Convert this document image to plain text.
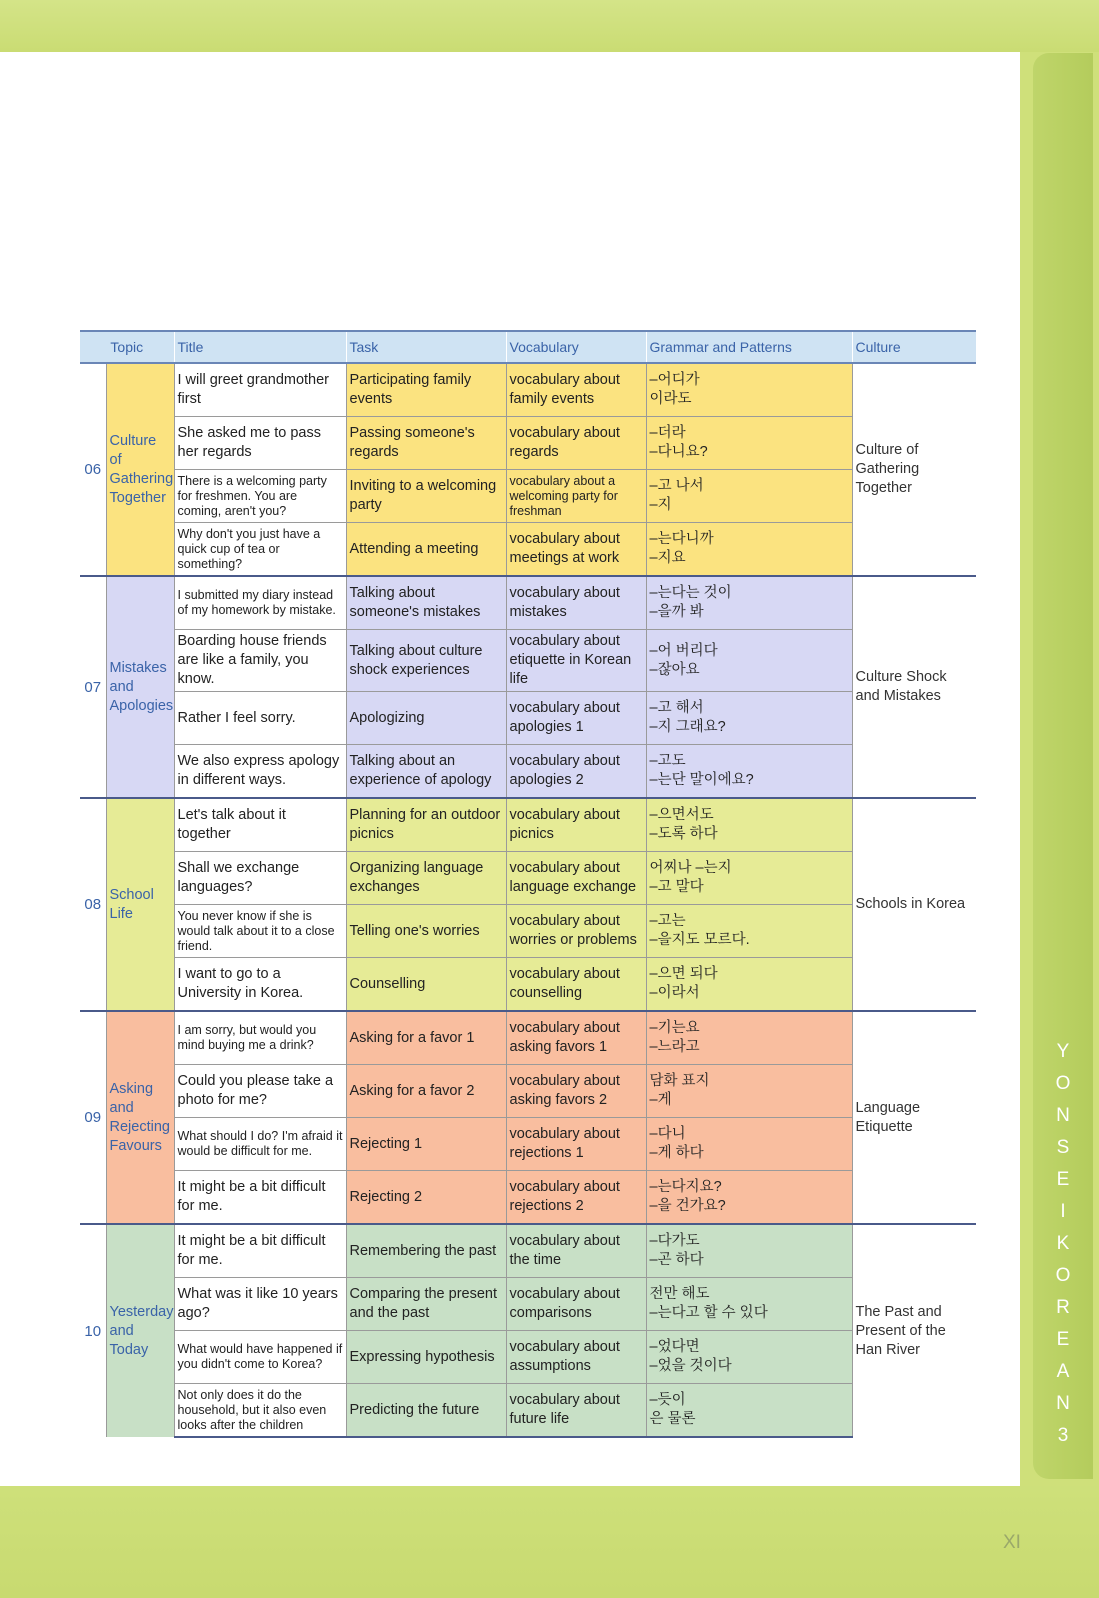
Y
O
N
S
E
I
K
O
R
E
A
N
3
XI
Topic		Title	Task	Vocabulary	Grammar and Patterns	Culture
06	Culture of Gathering Together	I will greet grandmother first	Participating family events	vocabulary about family events	–어디가
이라도	Culture of Gathering Together
		She asked me to pass her regards	Passing someone's regards	vocabulary about regards	–더라
–다니요?	
		There is a welcoming party for freshmen. You are coming, aren't you?	Inviting to a welcoming party	vocabulary about a welcoming party for freshman	–고 나서
–지	
		Why don't you just have a quick cup of tea or something?	Attending a meeting	vocabulary about meetings at work	–는다니까
–지요	
07	Mistakes and Apologies	I submitted my diary instead of my homework by mistake.	Talking about someone's mistakes	vocabulary about mistakes	–는다는 것이
–을까 봐	Culture Shock and Mistakes
		Boarding house friends are like a family, you know.	Talking about culture shock experiences	vocabulary about etiquette in Korean life	–어 버리다
–잖아요	
		Rather I feel sorry.	Apologizing	vocabulary about apologies 1	–고 해서
–지 그래요?	
		We also express apology in different ways.	Talking about an experience of apology	vocabulary about apologies 2	–고도
–는단 말이에요?	
08	School Life	Let's talk about it together	Planning for an outdoor picnics	vocabulary about picnics	–으면서도
–도록 하다	Schools in Korea
		Shall we exchange languages?	Organizing language exchanges	vocabulary about language exchange	어찌나 –는지
–고 말다	
		You never know if she is would talk about it to a close friend.	Telling one's worries	vocabulary about worries or problems	–고는
–을지도 모르다.	
		I want to go to a University in Korea.	Counselling	vocabulary about counselling	–으면 되다
–이라서	
09	Asking and Rejecting Favours	I am sorry, but would you mind buying me a drink?	Asking for a favor 1	vocabulary about asking favors 1	–기는요
–느라고	Language Etiquette
		Could you please take a photo for me?	Asking for a favor 2	vocabulary about asking favors 2	담화 표지
–게	
		What should I do? I'm afraid it would be difficult for me.	Rejecting 1	vocabulary about rejections 1	–다니
–게 하다	
		It might be a bit difficult for me.	Rejecting 2	vocabulary about rejections 2	–는다지요?
–을 건가요?	
10	Yesterday and Today	It might be a bit difficult for me.	Remembering the past	vocabulary about the time	–다가도
–곤 하다	The Past and Present of the Han River
		What was it like 10 years ago?	Comparing the present and the past	vocabulary about comparisons	전만 해도
–는다고 할 수 있다	
		What would have happened if you didn't come to Korea?	Expressing hypothesis	vocabulary about assumptions	–었다면
–었을 것이다	
		Not only does it do the household, but it also even looks after the children	Predicting the future	vocabulary about future life	–듯이
은 물론	
